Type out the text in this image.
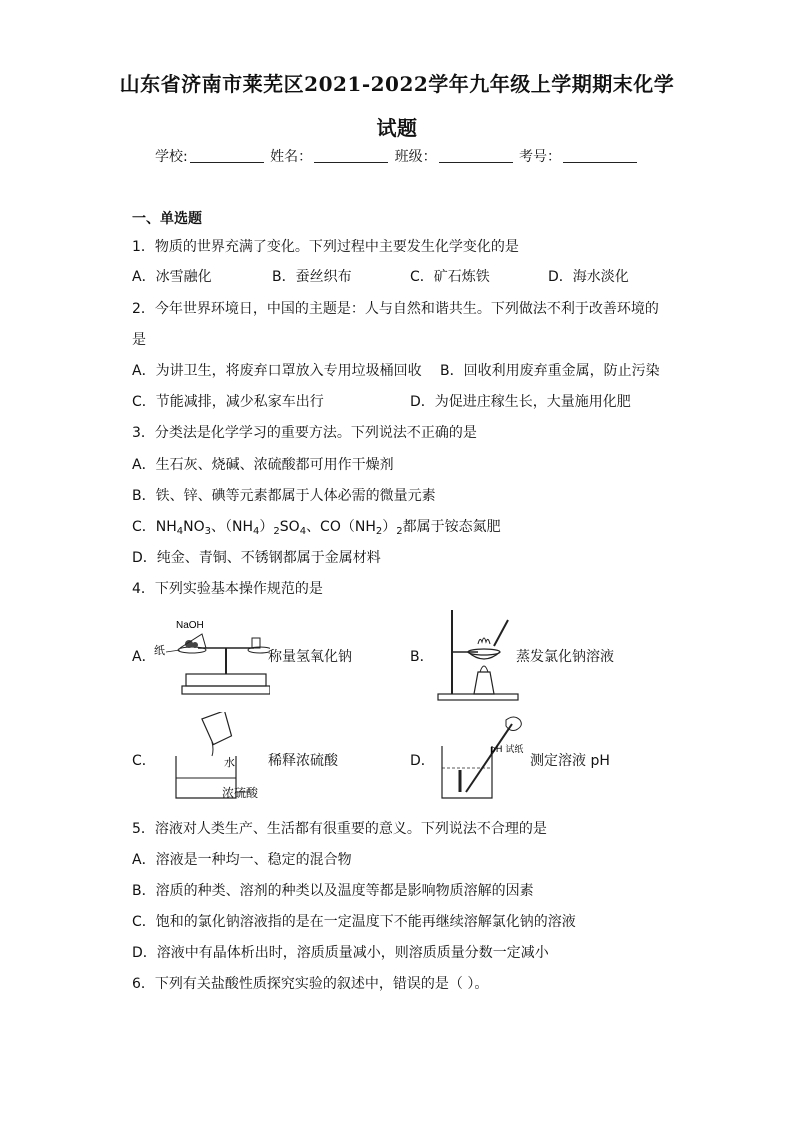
山东省济南市莱芜区2021-2022学年九年级上学期期末化学
试题
学校:	姓名：	班级：	考号：
一、单选题
1．物质的世界充满了变化。下列过程中主要发生化学变化的是
A．冰雪融化	B．蚕丝织布	C．矿石炼铁	D．海水淡化
2．今年世界环境日，中国的主题是：人与自然和谐共生。下列做法不利于改善环境的
是
A．为讲卫生，将废弃口罩放入专用垃圾桶回收 B．回收利用废弃重金属，防止污染
C．节能减排，减少私家车出行	D．为促进庄稼生长，大量施用化肥
3．分类法是化学学习的重要方法。下列说法不正确的是
A．生石灰、烧碱、浓硫酸都可用作干燥剂
B．铁、锌、碘等元素都属于人体必需的微量元素
C．$NH_4NO_3$、$(NH_4)_2SO_4$、$CO(NH_2)_2$都属于铵态氮肥
D．纯金、青铜、不锈钢都属于金属材料
4．下列实验基本操作规范的是
A．
NaOH
纸	称量氢氧化钠	B．	蒸发氯化钠溶液
C．	水
浓硫酸
稀释浓硫酸	D．
pH 试纸
测定溶液 pH
5．溶液对人类生产、生活都有很重要的意义。下列说法不合理的是
A．溶液是一种均一、稳定的混合物
B．溶质的种类、溶剂的种类以及温度等都是影响物质溶解的因素
C．饱和的氯化钠溶液指的是在一定温度下不能再继续溶解氯化钠的溶液
D．溶液中有晶体析出时，溶质质量减小，则溶质质量分数一定减小
6．下列有关盐酸性质探究实验的叙述中，错误的是（ ）。
